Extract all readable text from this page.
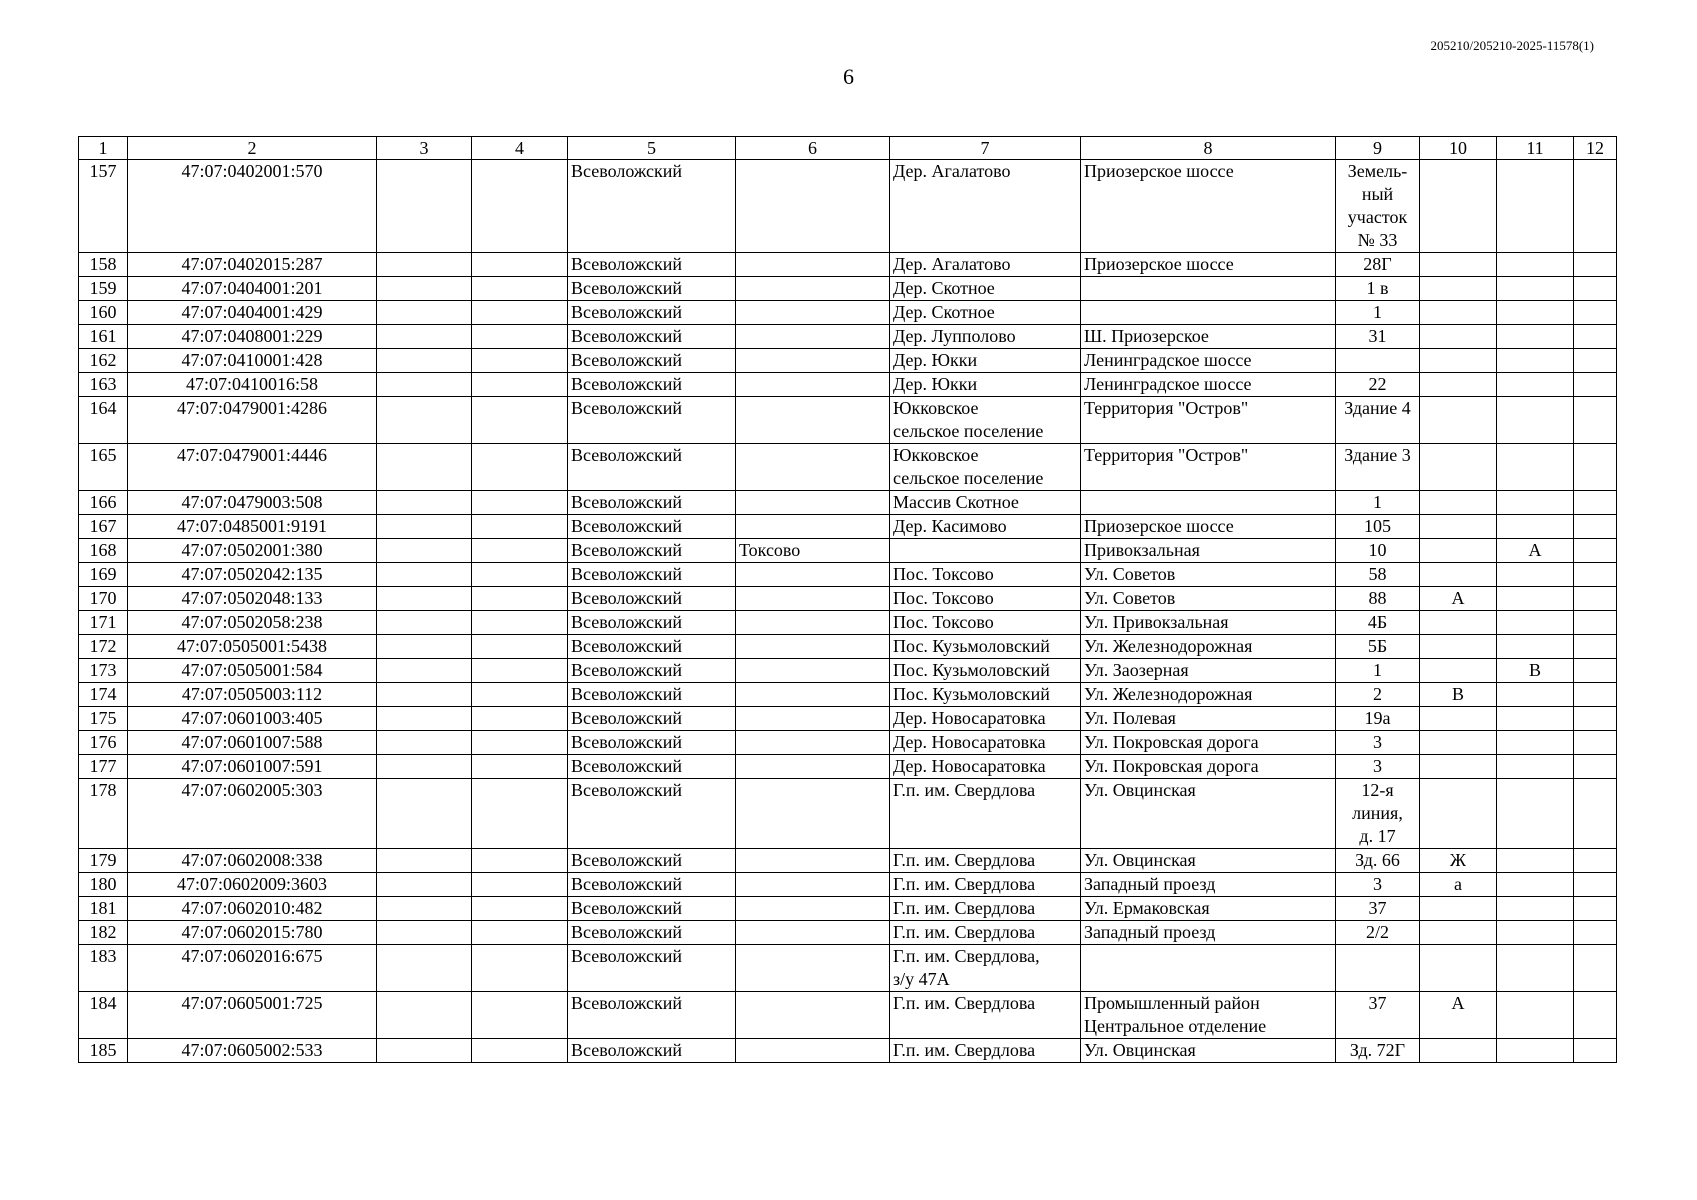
205210/205210-2025-11578(1)
6
1	2	3	4	5	6	7	8	9	10	11	12
157	47:07:0402001:570			Всеволожский		Дер. Агалатово	Приозерское шоссе	Земель-
ный
участок
№ 33			
158	47:07:0402015:287			Всеволожский		Дер. Агалатово	Приозерское шоссе	28Г			
159	47:07:0404001:201			Всеволожский		Дер. Скотное		1 в			
160	47:07:0404001:429			Всеволожский		Дер. Скотное		1			
161	47:07:0408001:229			Всеволожский		Дер. Лупполово	Ш. Приозерское	31			
162	47:07:0410001:428			Всеволожский		Дер. Юкки	Ленинградское шоссе				
163	47:07:0410016:58			Всеволожский		Дер. Юкки	Ленинградское шоссе	22			
164	47:07:0479001:4286			Всеволожский		Юкковское
сельское поселение	Территория "Остров"	Здание 4			
165	47:07:0479001:4446			Всеволожский		Юкковское
сельское поселение	Территория "Остров"	Здание 3			
166	47:07:0479003:508			Всеволожский		Массив Скотное		1			
167	47:07:0485001:9191			Всеволожский		Дер. Касимово	Приозерское шоссе	105			
168	47:07:0502001:380			Всеволожский	Токсово		Привокзальная	10		А	
169	47:07:0502042:135			Всеволожский		Пос. Токсово	Ул. Советов	58			
170	47:07:0502048:133			Всеволожский		Пос. Токсово	Ул. Советов	88	А		
171	47:07:0502058:238			Всеволожский		Пос. Токсово	Ул. Привокзальная	4Б			
172	47:07:0505001:5438			Всеволожский		Пос. Кузьмоловский	Ул. Железнодорожная	5Б			
173	47:07:0505001:584			Всеволожский		Пос. Кузьмоловский	Ул. Заозерная	1		В	
174	47:07:0505003:112			Всеволожский		Пос. Кузьмоловский	Ул. Железнодорожная	2	В		
175	47:07:0601003:405			Всеволожский		Дер. Новосаратовка	Ул. Полевая	19а			
176	47:07:0601007:588			Всеволожский		Дер. Новосаратовка	Ул. Покровская дорога	3			
177	47:07:0601007:591			Всеволожский		Дер. Новосаратовка	Ул. Покровская дорога	3			
178	47:07:0602005:303			Всеволожский		Г.п. им. Свердлова	Ул. Овцинская	12-я
линия,
д. 17			
179	47:07:0602008:338			Всеволожский		Г.п. им. Свердлова	Ул. Овцинская	Зд. 66	Ж		
180	47:07:0602009:3603			Всеволожский		Г.п. им. Свердлова	Западный проезд	3	а		
181	47:07:0602010:482			Всеволожский		Г.п. им. Свердлова	Ул. Ермаковская	37			
182	47:07:0602015:780			Всеволожский		Г.п. им. Свердлова	Западный проезд	2/2			
183	47:07:0602016:675			Всеволожский		Г.п. им. Свердлова,
з/у 47А					
184	47:07:0605001:725			Всеволожский		Г.п. им. Свердлова	Промышленный район
Центральное отделение	37	А		
185	47:07:0605002:533			Всеволожский		Г.п. им. Свердлова	Ул. Овцинская	Зд. 72Г			
